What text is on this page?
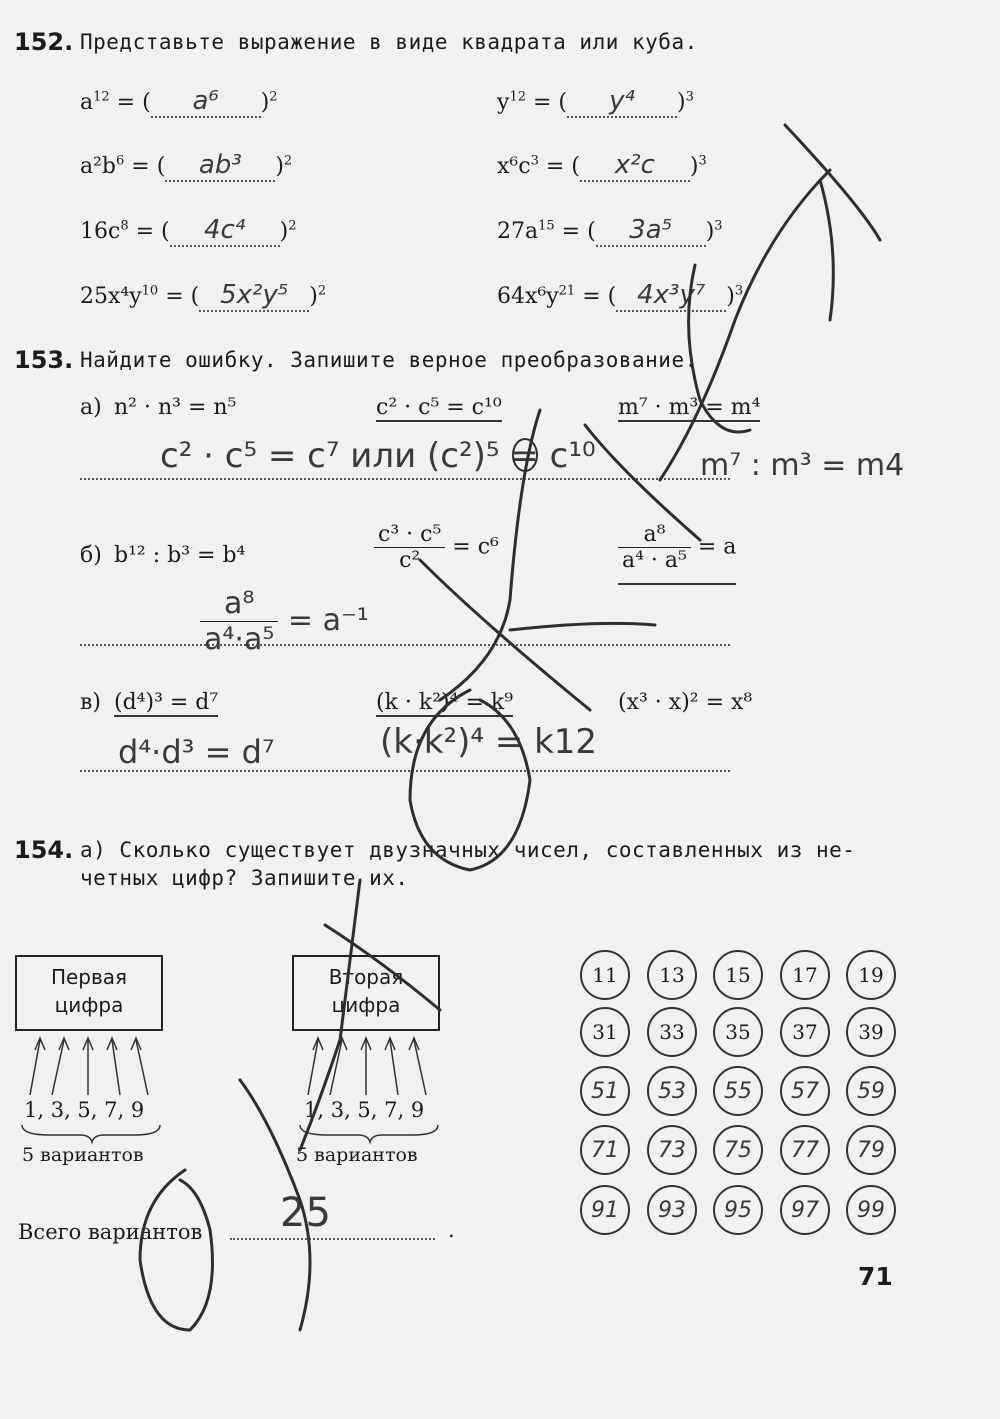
152. Представьте выражение в виде квадрата или куба.
$a^{12}$ = ( a⁶ )$^2$	$y^{12}$ = ( y⁴ )$^3$
$a^2b^6$ = ( ab³ )$^2$	$x^6c^3$ = ( x²c )$^3$
$16c^8$ = ( 4c⁴ )$^2$	$27a^{15}$ = ( 3a⁵ )$^3$
$25x^4y^{10}$ = ( 5x²y⁵ )$^2$	$64x^6y^{21}$ = ( 4x³y⁷ )$^3$
153. Найдите ошибку. Запишите верное преобразование.
а) n² · n³ = n⁵	c² · c⁵ = c¹⁰	m⁷ · m³ = m⁴
c² · c⁵ = c⁷ или (c²)⁵ = c¹⁰	m⁷ : m³ = m4
б) b¹² : b³ = b⁴	$\frac{\text{c³ · c⁵}}{\text{c²}} = c^6$	$\frac{\text{a⁸}}{\text{a⁴ · a⁵}} = a$
$\frac{\text{a⁸}}{\text{a⁴·a⁵}} = a^{-1}$
в) (d⁴)³ = d⁷	(k · k²)⁴ = k⁹	(x³ · x)² = x⁸
d⁴·d³ = d⁷	(k·k²)⁴ = k12
154. а) Сколько существует двузначных чисел, составленных из не-
четных цифр? Запишите их.
Первая цифра
Вторая цифра
1, 3, 5, 7, 9	1, 3, 5, 7, 9
5 вариантов	5 вариантов
Всего вариантов	.
25
11	13	15	17	19
31	33	35	37	39
51	53	55	57	59
71	73	75	77	79
91	93	95	97	99
71
